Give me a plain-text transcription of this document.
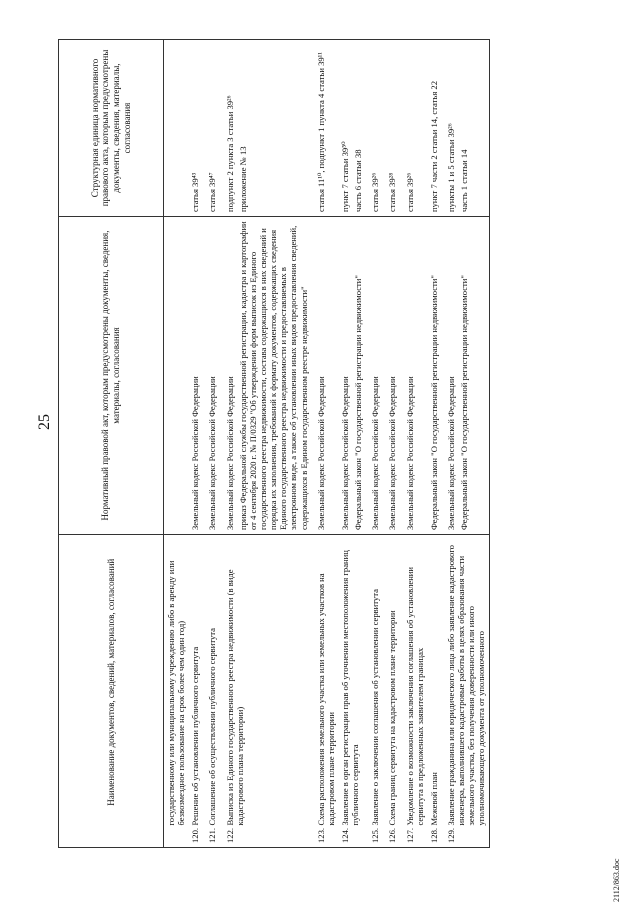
25
	Наименование документов, сведений, материалов, согласований	Нормативный правовой акт, которым предусмотрены документы, сведения, материалы, согласования	Структурная единица нормативного правового акта, которым предусмотрены документы, сведения, материалы, согласования
	государственному или муниципальному учреждению либо в аренду или безвозмездное пользование на срок более чем один год)		
120.	Решение об установлении публичного сервитута	Земельный кодекс Российской Федерации	статья 39⁴³

121.	Соглашение об осуществлении публичного сервитута	Земельный кодекс Российской Федерации	статья 39⁴⁷

122.	Выписка из Единого государственного реестра недвижимости (в виде кадастрового плана территории)	Земельный кодекс Российской Федерации приказ Федеральной службы государственной регистрации, кадастра и картографии от 4 сентября 2020 г. № П/0329 "Об утверждении форм выписок из Единого государственного реестра недвижимости, состава содержащихся в них сведений и порядка их заполнения, требований к формату документов, содержащих сведения Единого государственного реестра недвижимости и предоставляемых в электронном виде, а также об установлении иных видов предоставления сведений, содержащихся в Едином государственном реестре недвижимости"	подпункт 2 пункта 3 статьи 39²⁶ приложение № 13

123.	Схема расположения земельного участка или земельных участков на кадастровом плане территории	Земельный кодекс Российской Федерации	статья 11¹⁰, подпункт 1 пункта 4 статьи 39¹¹

124.	Заявление в орган регистрации прав об уточнении местоположения границ публичного сервитута	Земельный кодекс Российской Федерации Федеральный закон "О государственной регистрации недвижимости"	пункт 7 статьи 39⁵⁰ часть 6 статьи 38

125.	Заявление о заключении соглашения об установлении сервитута	Земельный кодекс Российской Федерации	статья 39²⁶

126.	Схема границ сервитута на кадастровом плане территории	Земельный кодекс Российской Федерации	статья 39²⁸

127.	Уведомление о возможности заключения соглашения об установлении сервитута в предложенных заявителем границах	Земельный кодекс Российской Федерации	статья 39²⁶

128.	Межевой план	Федеральный закон "О государственной регистрации недвижимости"	пункт 7 части 2 статьи 14, статья 22

129.	Заявление гражданина или юридического лица либо заявление кадастрового инженера, выполнившего кадастровые работы в целях образования части земельного участка, без получения доверенности или иного уполномочивающего документа от уполномоченного	Земельный кодекс Российской Федерации Федеральный закон "О государственной регистрации недвижимости"	пункты 1 и 5 статьи 39²⁶ часть 1 статьи 14
2112/863.doc
